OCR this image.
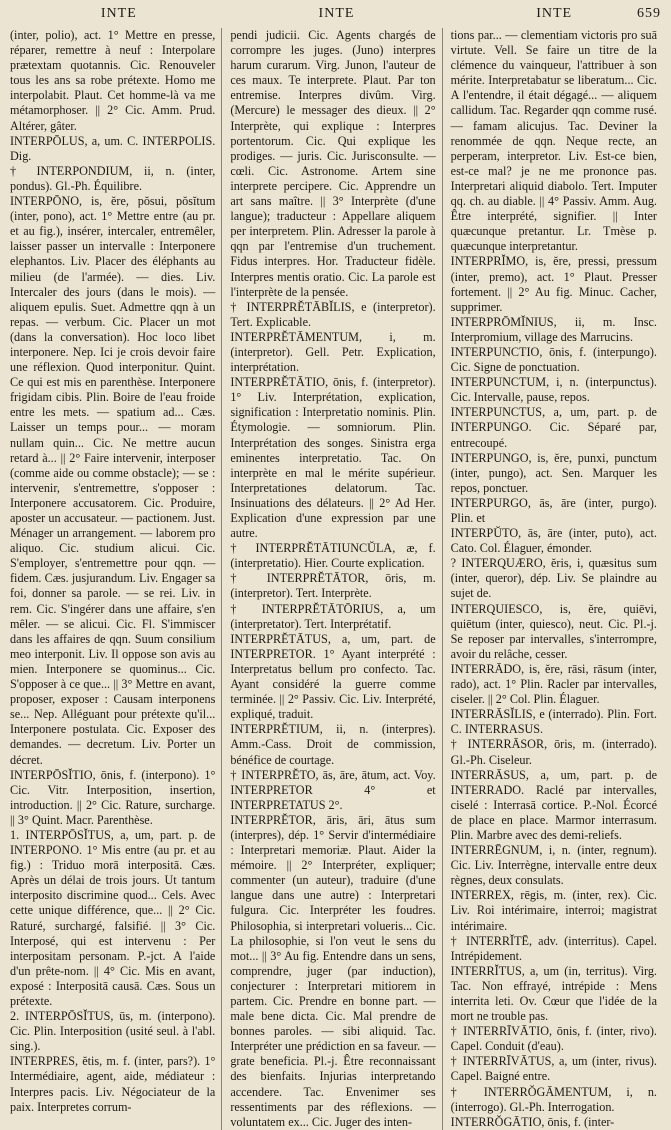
INTE	INTE	INTE	659

(inter, polio), act. 1° Mettre en presse, réparer, remettre à neuf : Interpolare prætextam quotannis. Cic. Renouveler tous les ans sa robe prétexte. Homo me interpolabit. Plaut. Cet homme-là va me métamorphoser. || 2° Cic. Amm. Prud. Altérer, gâter.

INTERPŌLUS, a, um. C. INTERPOLIS. Dig.

† INTERPONDIUM, ii, n. (inter, pondus). Gl.-Ph. Équilibre.

INTERPŌNO, is, ĕre, pŏsui, pŏsĭtum (inter, pono), act. 1° Mettre entre (au pr. et au fig.), insérer, intercaler, entremêler, laisser passer un intervalle : Interponere elephantos. Liv. Placer des éléphants au milieu (de l'armée). — dies. Liv. Intercaler des jours (dans le mois). — aliquem epulis. Suet. Admettre qqn à un repas. — verbum. Cic. Placer un mot (dans la conversation). Hoc loco libet interponere. Nep. Ici je crois devoir faire une réflexion. Quod interponitur. Quint. Ce qui est mis en parenthèse. Interponere frigidam cibis. Plin. Boire de l'eau froide entre les mets. — spatium ad... Cæs. Laisser un temps pour... — moram nullam quin... Cic. Ne mettre aucun retard à... || 2° Faire intervenir, interposer (comme aide ou comme obstacle); — se : intervenir, s'entremettre, s'opposer : Interponere accusatorem. Cic. Produire, aposter un accusateur. — pactionem. Just. Ménager un arrangement. — laborem pro aliquo. Cic. studium alicui. Cic. S'employer, s'entremettre pour qqn. — fidem. Cæs. jusjurandum. Liv. Engager sa foi, donner sa parole. — se rei. Liv. in rem. Cic. S'ingérer dans une affaire, s'en mêler. — se alicui. Cic. Fl. S'immiscer dans les affaires de qqn. Suum consilium meo interponit. Liv. Il oppose son avis au mien. Interponere se quominus... Cic. S'opposer à ce que... || 3° Mettre en avant, proposer, exposer : Causam interponens se... Nep. Alléguant pour prétexte qu'il... Interponere postulata. Cic. Exposer des demandes. — decretum. Liv. Porter un décret.

INTERPŌSĬTIO, ōnis, f. (interpono). 1° Cic. Vitr. Interposition, insertion, introduction. || 2° Cic. Rature, surcharge. || 3° Quint. Macr. Parenthèse.

1. INTERPŌSĬTUS, a, um, part. p. de INTERPONO. 1° Mis entre (au pr. et au fig.) : Triduo morā interpositā. Cæs. Après un délai de trois jours. Ut tantum interposito discrimine quod... Cels. Avec cette unique différence, que... || 2° Cic. Raturé, surchargé, falsifié. || 3° Cic. Interposé, qui est intervenu : Per interpositam personam. P.-jct. A l'aide d'un prête-nom. || 4° Cic. Mis en avant, exposé : Interpositā causā. Cæs. Sous un prétexte.

2. INTERPŌSĬTUS, ūs, m. (interpono). Cic. Plin. Interposition (usité seul. à l'abl. sing.).

INTERPRES, ĕtis, m. f. (inter, pars?). 1° Intermédiaire, agent, aide, médiateur : Interpres pacis. Liv. Négociateur de la paix. Interpretes corrum-

pendi judicii. Cic. Agents chargés de corrompre les juges. (Juno) interpres harum curarum. Virg. Junon, l'auteur de ces maux. Te interprete. Plaut. Par ton entremise. Interpres divûm. Virg. (Mercure) le messager des dieux. || 2° Interprète, qui explique : Interpres portentorum. Cic. Qui explique les prodiges. — juris. Cic. Jurisconsulte. — cœli. Cic. Astronome. Artem sine interprete percipere. Cic. Apprendre un art sans maître. || 3° Interprète (d'une langue); traducteur : Appellare aliquem per interpretem. Plin. Adresser la parole à qqn par l'entremise d'un truchement. Fidus interpres. Hor. Traducteur fidèle. Interpres mentis oratio. Cic. La parole est l'interprète de la pensée.

† INTERPRĔTĀBĬLIS, e (interpretor). Tert. Explicable.

INTERPRĔTĀMENTUM, i, m. (interpretor). Gell. Petr. Explication, interprétation.

INTERPRĔTĀTIO, ōnis, f. (interpretor). 1° Liv. Interprétation, explication, signification : Interpretatio nominis. Plin. Étymologie. — somniorum. Plin. Interprétation des songes. Sinistra erga eminentes interpretatio. Tac. On interprète en mal le mérite supérieur. Interpretationes delatorum. Tac. Insinuations des délateurs. || 2° Ad Her. Explication d'une expression par une autre.

† INTERPRĔTĀTIUNCŬLA, æ, f. (interpretatio). Hier. Courte explication.

† INTERPRĔTĀTOR, ōris, m. (interpretor). Tert. Interprète.

† INTERPRĔTĀTŌRIUS, a, um (interpretator). Tert. Interprétatif.

INTERPRĔTĀTUS, a, um, part. de INTERPRETOR. 1° Ayant interprété : Interpretatus bellum pro confecto. Tac. Ayant considéré la guerre comme terminée. || 2° Passiv. Cic. Liv. Interprété, expliqué, traduit.

INTERPRĔTIUM, ii, n. (interpres). Amm.-Cass. Droit de commission, bénéfice de courtage.

† INTERPRĔTO, ās, āre, ātum, act. Voy. INTERPRETOR 4° et INTERPRETATUS 2°.

INTERPRĔTOR, āris, āri, ātus sum (interpres), dép. 1° Servir d'intermédiaire : Interpretari memoriæ. Plaut. Aider la mémoire. || 2° Interpréter, expliquer; commenter (un auteur), traduire (d'une langue dans une autre) : Interpretari fulgura. Cic. Interpréter les foudres. Philosophia, si interpretari volueris... Cic. La philosophie, si l'on veut le sens du mot... || 3° Au fig. Entendre dans un sens, comprendre, juger (par induction), conjecturer : Interpretari mitiorem in partem. Cic. Prendre en bonne part. — male bene dicta. Cic. Mal prendre de bonnes paroles. — sibi aliquid. Tac. Interpréter une prédiction en sa faveur. — grate beneficia. Pl.-j. Être reconnaissant des bienfaits. Injurias interpretando accendere. Tac. Envenimer ses ressentiments par des réflexions. — voluntatem ex... Cic. Juger des inten-

tions par... — clementiam victoris pro suā virtute. Vell. Se faire un titre de la clémence du vainqueur, l'attribuer à son mérite. Interpretabatur se liberatum... Cic. A l'entendre, il était dégagé... — aliquem callidum. Tac. Regarder qqn comme rusé. — famam alicujus. Tac. Deviner la renommée de qqn. Neque recte, an perperam, interpretor. Liv. Est-ce bien, est-ce mal? je ne me prononce pas. Interpretari aliquid diabolo. Tert. Imputer qq. ch. au diable. || 4° Passiv. Amm. Aug. Être interprété, signifier. || Inter quæcunque pretantur. Lr. Tmèse p. quæcunque interpretantur.

INTERPRĬMO, is, ĕre, pressi, pressum (inter, premo), act. 1° Plaut. Presser fortement. || 2° Au fig. Minuc. Cacher, supprimer.

INTERPRŌMĬNIUS, ii, m. Insc. Interpromium, village des Marrucins.

INTERPUNCTIO, ōnis, f. (interpungo). Cic. Signe de ponctuation.

INTERPUNCTUM, i, n. (interpunctus). Cic. Intervalle, pause, repos.

INTERPUNCTUS, a, um, part. p. de INTERPUNGO. Cic. Séparé par, entrecoupé.

INTERPUNGO, is, ĕre, punxi, punctum (inter, pungo), act. Sen. Marquer les repos, ponctuer.

INTERPURGO, ās, āre (inter, purgo). Plin. et

INTERPŬTO, ās, āre (inter, puto), act. Cato. Col. Élaguer, émonder.

? INTERQUÆRO, ĕris, i, quæsitus sum (inter, queror), dép. Liv. Se plaindre au sujet de.

INTERQUIESCO, is, ĕre, quiēvi, quiētum (inter, quiesco), neut. Cic. Pl.-j. Se reposer par intervalles, s'interrompre, avoir du relâche, cesser.

INTERRĀDO, is, ĕre, rāsi, rāsum (inter, rado), act. 1° Plin. Racler par intervalles, ciseler. || 2° Col. Plin. Élaguer.

INTERRĀSĬLIS, e (interrado). Plin. Fort. C. INTERRASUS.

† INTERRĀSOR, ōris, m. (interrado). Gl.-Ph. Ciseleur.

INTERRĀSUS, a, um, part. p. de INTERRADO. Raclé par intervalles, ciselé : Interrasā cortice. P.-Nol. Écorcé de place en place. Marmor interrasum. Plin. Marbre avec des demi-reliefs.

INTERRĒGNUM, i, n. (inter, regnum). Cic. Liv. Interrègne, intervalle entre deux règnes, deux consulats.

INTERREX, rēgis, m. (inter, rex). Cic. Liv. Roi intérimaire, interroi; magistrat intérimaire.

† INTERRĬTĒ, adv. (interritus). Capel. Intrépidement.

INTERRĬTUS, a, um (in, territus). Virg. Tac. Non effrayé, intrépide : Mens interrita leti. Ov. Cœur que l'idée de la mort ne trouble pas.

† INTERRĪVĀTIO, ōnis, f. (inter, rivo). Capel. Conduit (d'eau).

† INTERRĪVĀTUS, a, um (inter, rivus). Capel. Baigné entre.

† INTERRŎGĀMENTUM, i, n. (interrogo). Gl.-Ph. Interrogation.

INTERRŎGĀTIO, ōnis, f. (inter-
